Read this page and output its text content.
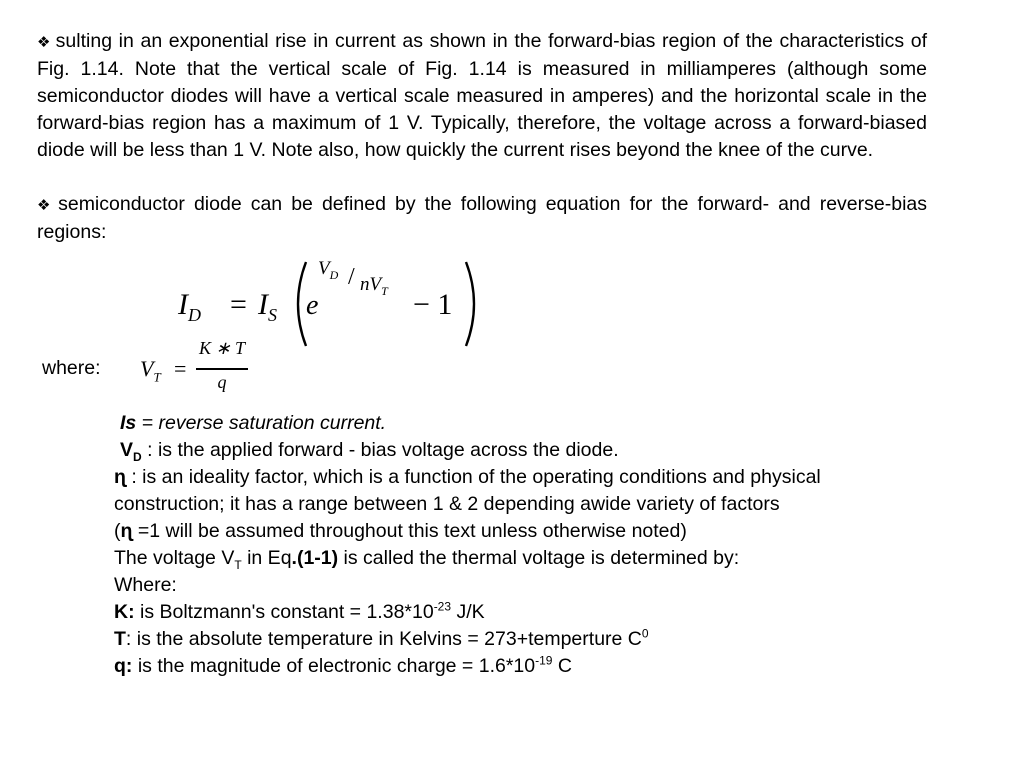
❖ sulting in an exponential rise in current as shown in the forward-bias region of the characteristics of Fig. 1.14. Note that the vertical scale of Fig. 1.14 is measured in milliamperes (although some semiconductor diodes will have a vertical scale measured in amperes) and the horizontal scale in the forward-bias region has a maximum of 1 V. Typically, therefore, the voltage across a forward-biased diode will be less than 1 V. Note also, how quickly the current rises beyond the knee of the curve.
❖ semiconductor diode can be defined by the following equation for the forward- and reverse-bias regions:
$I_D = I_S$ e
$V_D / nV_T - 1$
where: $V_T$ =
K ∗ T
q

Is = reverse saturation current.

$V_D$ : is the applied forward - bias voltage across the diode.

ɳ : is an ideality factor, which is a function of the operating conditions and physical construction; it has a range between 1 & 2 depending awide variety of factors

(ɳ =1 will be assumed throughout this text unless otherwise noted)

The voltage $V_T$ in Eq.(1-1) is called the thermal voltage is determined by:

Where:

K: is Boltzmann's constant = $1.38*10^{-23}$ J/K

T: is the absolute temperature in Kelvins = 273+temperture $C^0$

q: is the magnitude of electronic charge = $1.6*10^{-19}$ C
